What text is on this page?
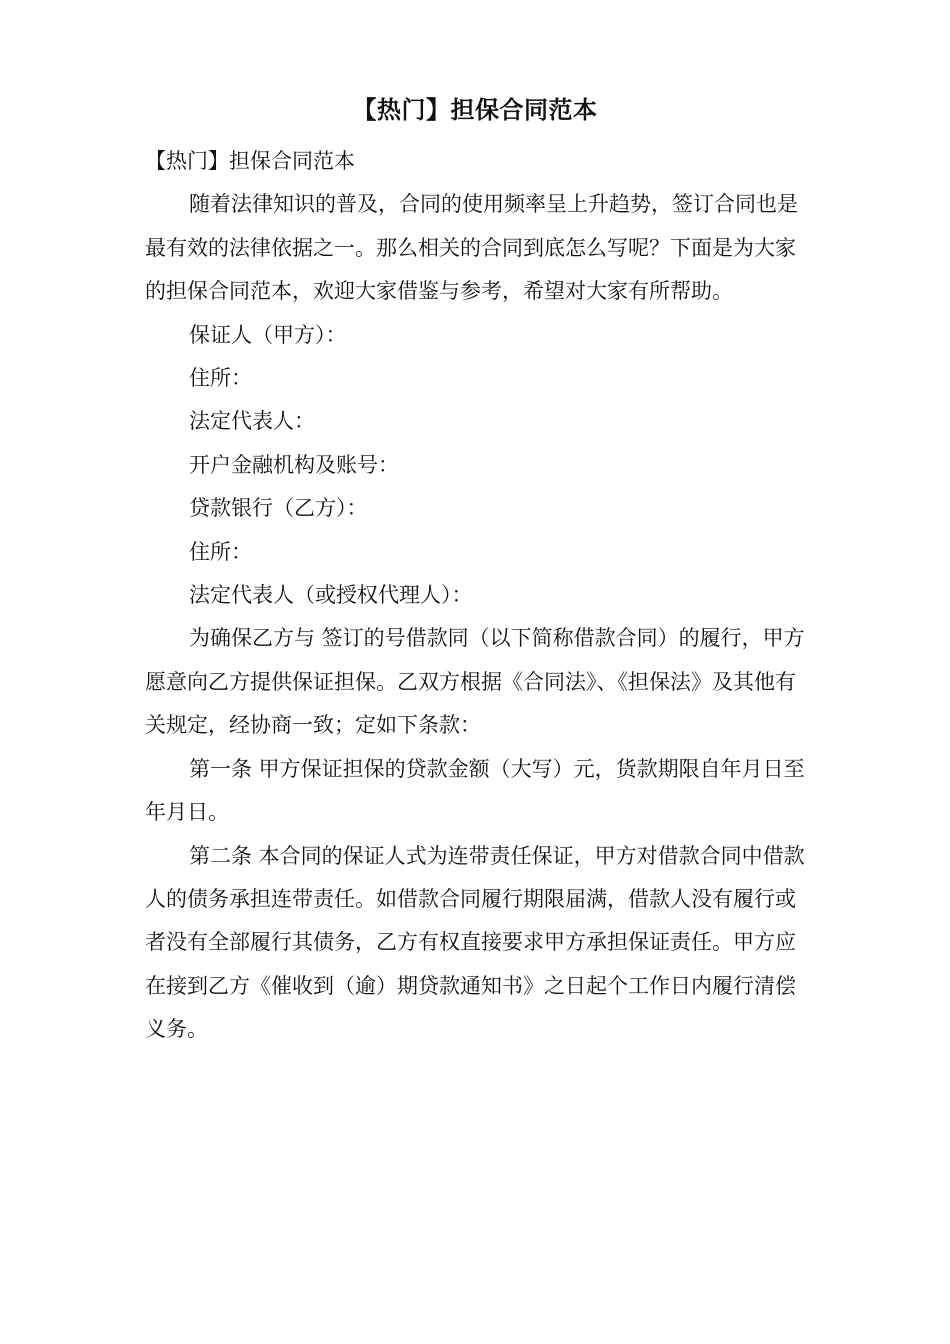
【热门】担保合同范本

【热门】担保合同范本

随着法律知识的普及，合同的使用频率呈上升趋势，签订合同也是最有效的法律依据之一。那么相关的合同到底怎么写呢？下面是为大家的担保合同范本，欢迎大家借鉴与参考，希望对大家有所帮助。

保证人（甲方）：

住所：

法定代表人：

开户金融机构及账号：

贷款银行（乙方）：

住所：

法定代表人（或授权代理人）：

为确保乙方与 签订的号借款同（以下简称借款合同）的履行，甲方愿意向乙方提供保证担保。乙双方根据《合同法》、《担保法》及其他有关规定，经协商一致；定如下条款：

第一条 甲方保证担保的贷款金额（大写）元，货款期限自年月日至年月日。

第二条 本合同的保证人式为连带责任保证，甲方对借款合同中借款人的债务承担连带责任。如借款合同履行期限届满，借款人没有履行或者没有全部履行其债务，乙方有权直接要求甲方承担保证责任。甲方应在接到乙方《催收到（逾）期贷款通知书》之日起个工作日内履行清偿义务。
